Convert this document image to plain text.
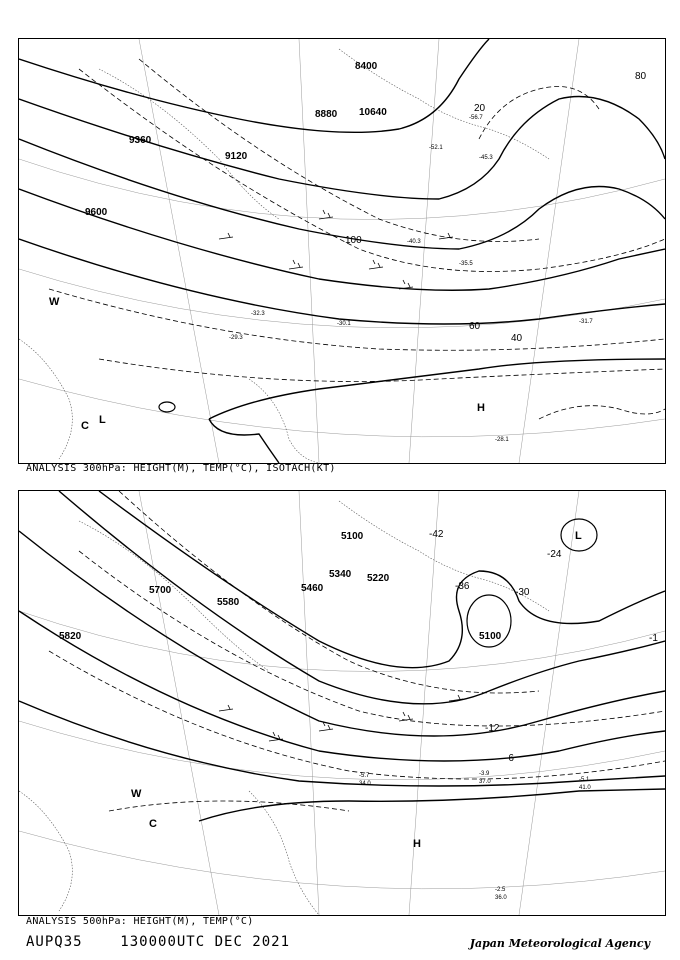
8400
8880
9120
9360
9600
10640	20
40
60
80
100
-29.3
-30.1	-31.7
-32.3
-35.5
-40.3
-45.3
-52.1
-56.7
-28.1
L
H
W
C
ANALYSIS 300hPa: HEIGHT(M), TEMP(°C), ISOTACH(KT)
5100
5220
5340
5460
5580
5700
5820
5100	-42
-36
-30
-24
-12
-6
-1
-2.5
36.0
-5.1
41.0
-3.9
37.0
-5.7
34.0
L
H
W
C
ANALYSIS 500hPa: HEIGHT(M), TEMP(°C)
AUPQ35	130000UTC DEC 2021	Japan Meteorological Agency
